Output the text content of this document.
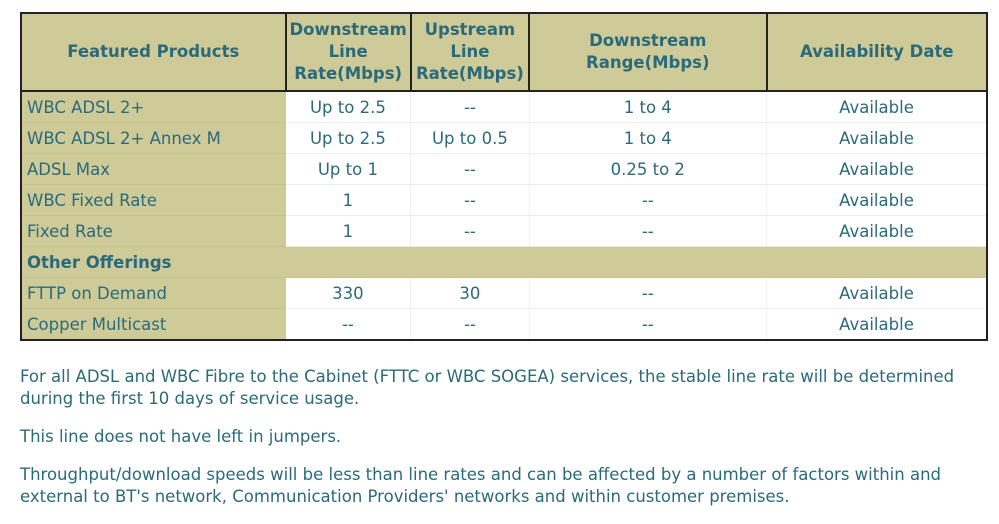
Featured Products	Downstream Line Rate(Mbps)	Upstream Line Rate(Mbps)	Downstream Range(Mbps)	Availability Date
WBC ADSL 2+	Up to 2.5	--	1 to 4	Available
WBC ADSL 2+ Annex M	Up to 2.5	Up to 0.5	1 to 4	Available
ADSL Max	Up to 1	--	0.25 to 2	Available
WBC Fixed Rate	1	--	--	Available
Fixed Rate	1	--	--	Available
Other Offerings				
FTTP on Demand	330	30	--	Available
Copper Multicast	--	--	--	Available

For all ADSL and WBC Fibre to the Cabinet (FTTC or WBC SOGEA) services, the stable line rate will be determined during the first 10 days of service usage.

This line does not have left in jumpers.

Throughput/download speeds will be less than line rates and can be affected by a number of factors within and external to BT's network, Communication Providers' networks and within customer premises.
